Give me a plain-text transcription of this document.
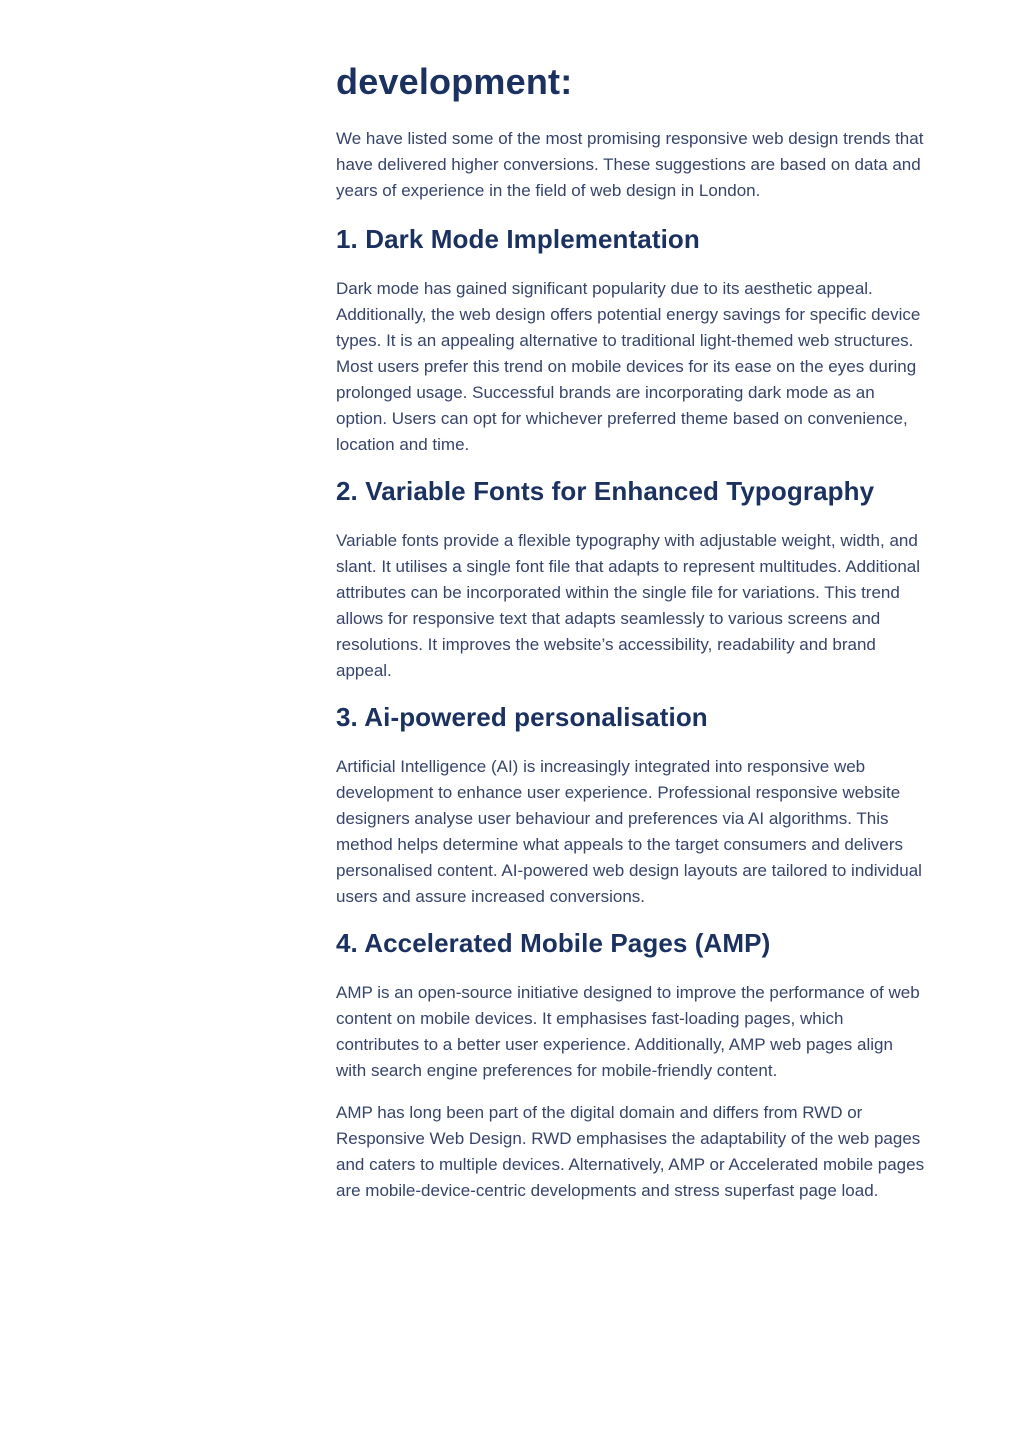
development:

We have listed some of the most promising responsive web design trends that have delivered higher conversions. These suggestions are based on data and years of experience in the field of web design in London.

1. Dark Mode Implementation

Dark mode has gained significant popularity due to its aesthetic appeal. Additionally, the web design offers potential energy savings for specific device types. It is an appealing alternative to traditional light-themed web structures. Most users prefer this trend on mobile devices for its ease on the eyes during prolonged usage. Successful brands are incorporating dark mode as an option. Users can opt for whichever preferred theme based on convenience, location and time.

2. Variable Fonts for Enhanced Typography

Variable fonts provide a flexible typography with adjustable weight, width, and slant. It utilises a single font file that adapts to represent multitudes. Additional attributes can be incorporated within the single file for variations. This trend allows for responsive text that adapts seamlessly to various screens and resolutions. It improves the website’s accessibility, readability and brand appeal.

3. Ai-powered personalisation

Artificial Intelligence (AI) is increasingly integrated into responsive web development to enhance user experience. Professional responsive website designers analyse user behaviour and preferences via AI algorithms. This method helps determine what appeals to the target consumers and delivers personalised content. AI-powered web design layouts are tailored to individual users and assure increased conversions.

4. Accelerated Mobile Pages (AMP)

AMP is an open-source initiative designed to improve the performance of web content on mobile devices. It emphasises fast-loading pages, which contributes to a better user experience. Additionally, AMP web pages align with search engine preferences for mobile-friendly content.

AMP has long been part of the digital domain and differs from RWD or Responsive Web Design. RWD emphasises the adaptability of the web pages and caters to multiple devices. Alternatively, AMP or Accelerated mobile pages are mobile-device-centric developments and stress superfast page load.
